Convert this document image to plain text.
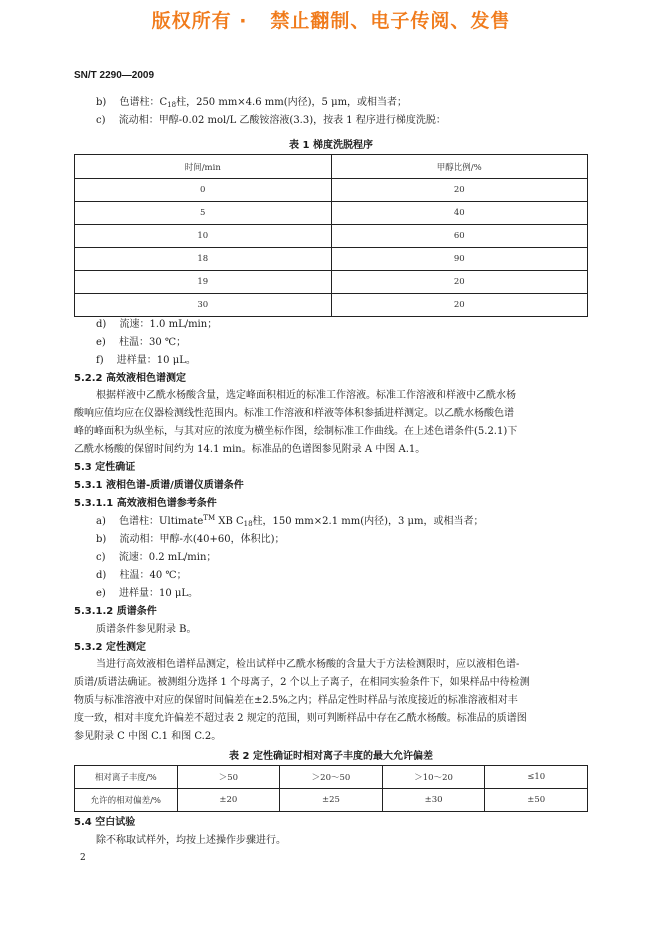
版权所有 ·   禁止翻制、电子传阅、发售
SN/T 2290—2009
b) 色谱柱：$C_{18}$柱，250 mm×4.6 mm(内径)，5 μm，或相当者；
c) 流动相：甲醇-0.02 mol/L 乙酸铵溶液(3.3)，按表 1 程序进行梯度洗脱：
表 1 梯度洗脱程序
时间/min	甲醇比例/%
0	20
5	40
10	60
18	90
19	20
30	20
d) 流速：1.0 mL/min；
e) 柱温：30 ℃；
f) 进样量：10 μL。
5.2.2 高效液相色谱测定
根据样液中乙酰水杨酸含量，选定峰面积相近的标准工作溶液。标准工作溶液和样液中乙酰水杨
酸响应值均应在仪器检测线性范围内。标准工作溶液和样液等体积参插进样测定。以乙酰水杨酸色谱
峰的峰面积为纵坐标，与其对应的浓度为横坐标作图，绘制标准工作曲线。在上述色谱条件(5.2.1)下
乙酰水杨酸的保留时间约为 14.1 min。标准品的色谱图参见附录 A 中图 A.1。
5.3 定性确证
5.3.1 液相色谱-质谱/质谱仪质谱条件
5.3.1.1 高效液相色谱参考条件
a) 色谱柱：Ultimate™ XB $C_{18}$柱，150 mm×2.1 mm(内径)，3 μm，或相当者；
b) 流动相：甲醇-水(40+60，体积比)；
c) 流速：0.2 mL/min；
d) 柱温：40 ℃；
e) 进样量：10 μL。
5.3.1.2 质谱条件
质谱条件参见附录 B。
5.3.2 定性测定
当进行高效液相色谱样品测定，检出试样中乙酰水杨酸的含量大于方法检测限时，应以液相色谱-
质谱/质谱法确证。被测组分选择 1 个母离子，2 个以上子离子，在相同实验条件下，如果样品中待检测
物质与标准溶液中对应的保留时间偏差在±2.5%之内；样品定性时样品与浓度接近的标准溶液相对丰
度一致，相对丰度允许偏差不超过表 2 规定的范围，则可判断样品中存在乙酰水杨酸。标准品的质谱图
参见附录 C 中图 C.1 和图 C.2。
表 2 定性确证时相对离子丰度的最大允许偏差
相对离子丰度/%	＞50	＞20～50	＞10～20	≤10
允许的相对偏差/%	±20	±25	±30	±50
5.4 空白试验
除不称取试样外，均按上述操作步骤进行。
2
